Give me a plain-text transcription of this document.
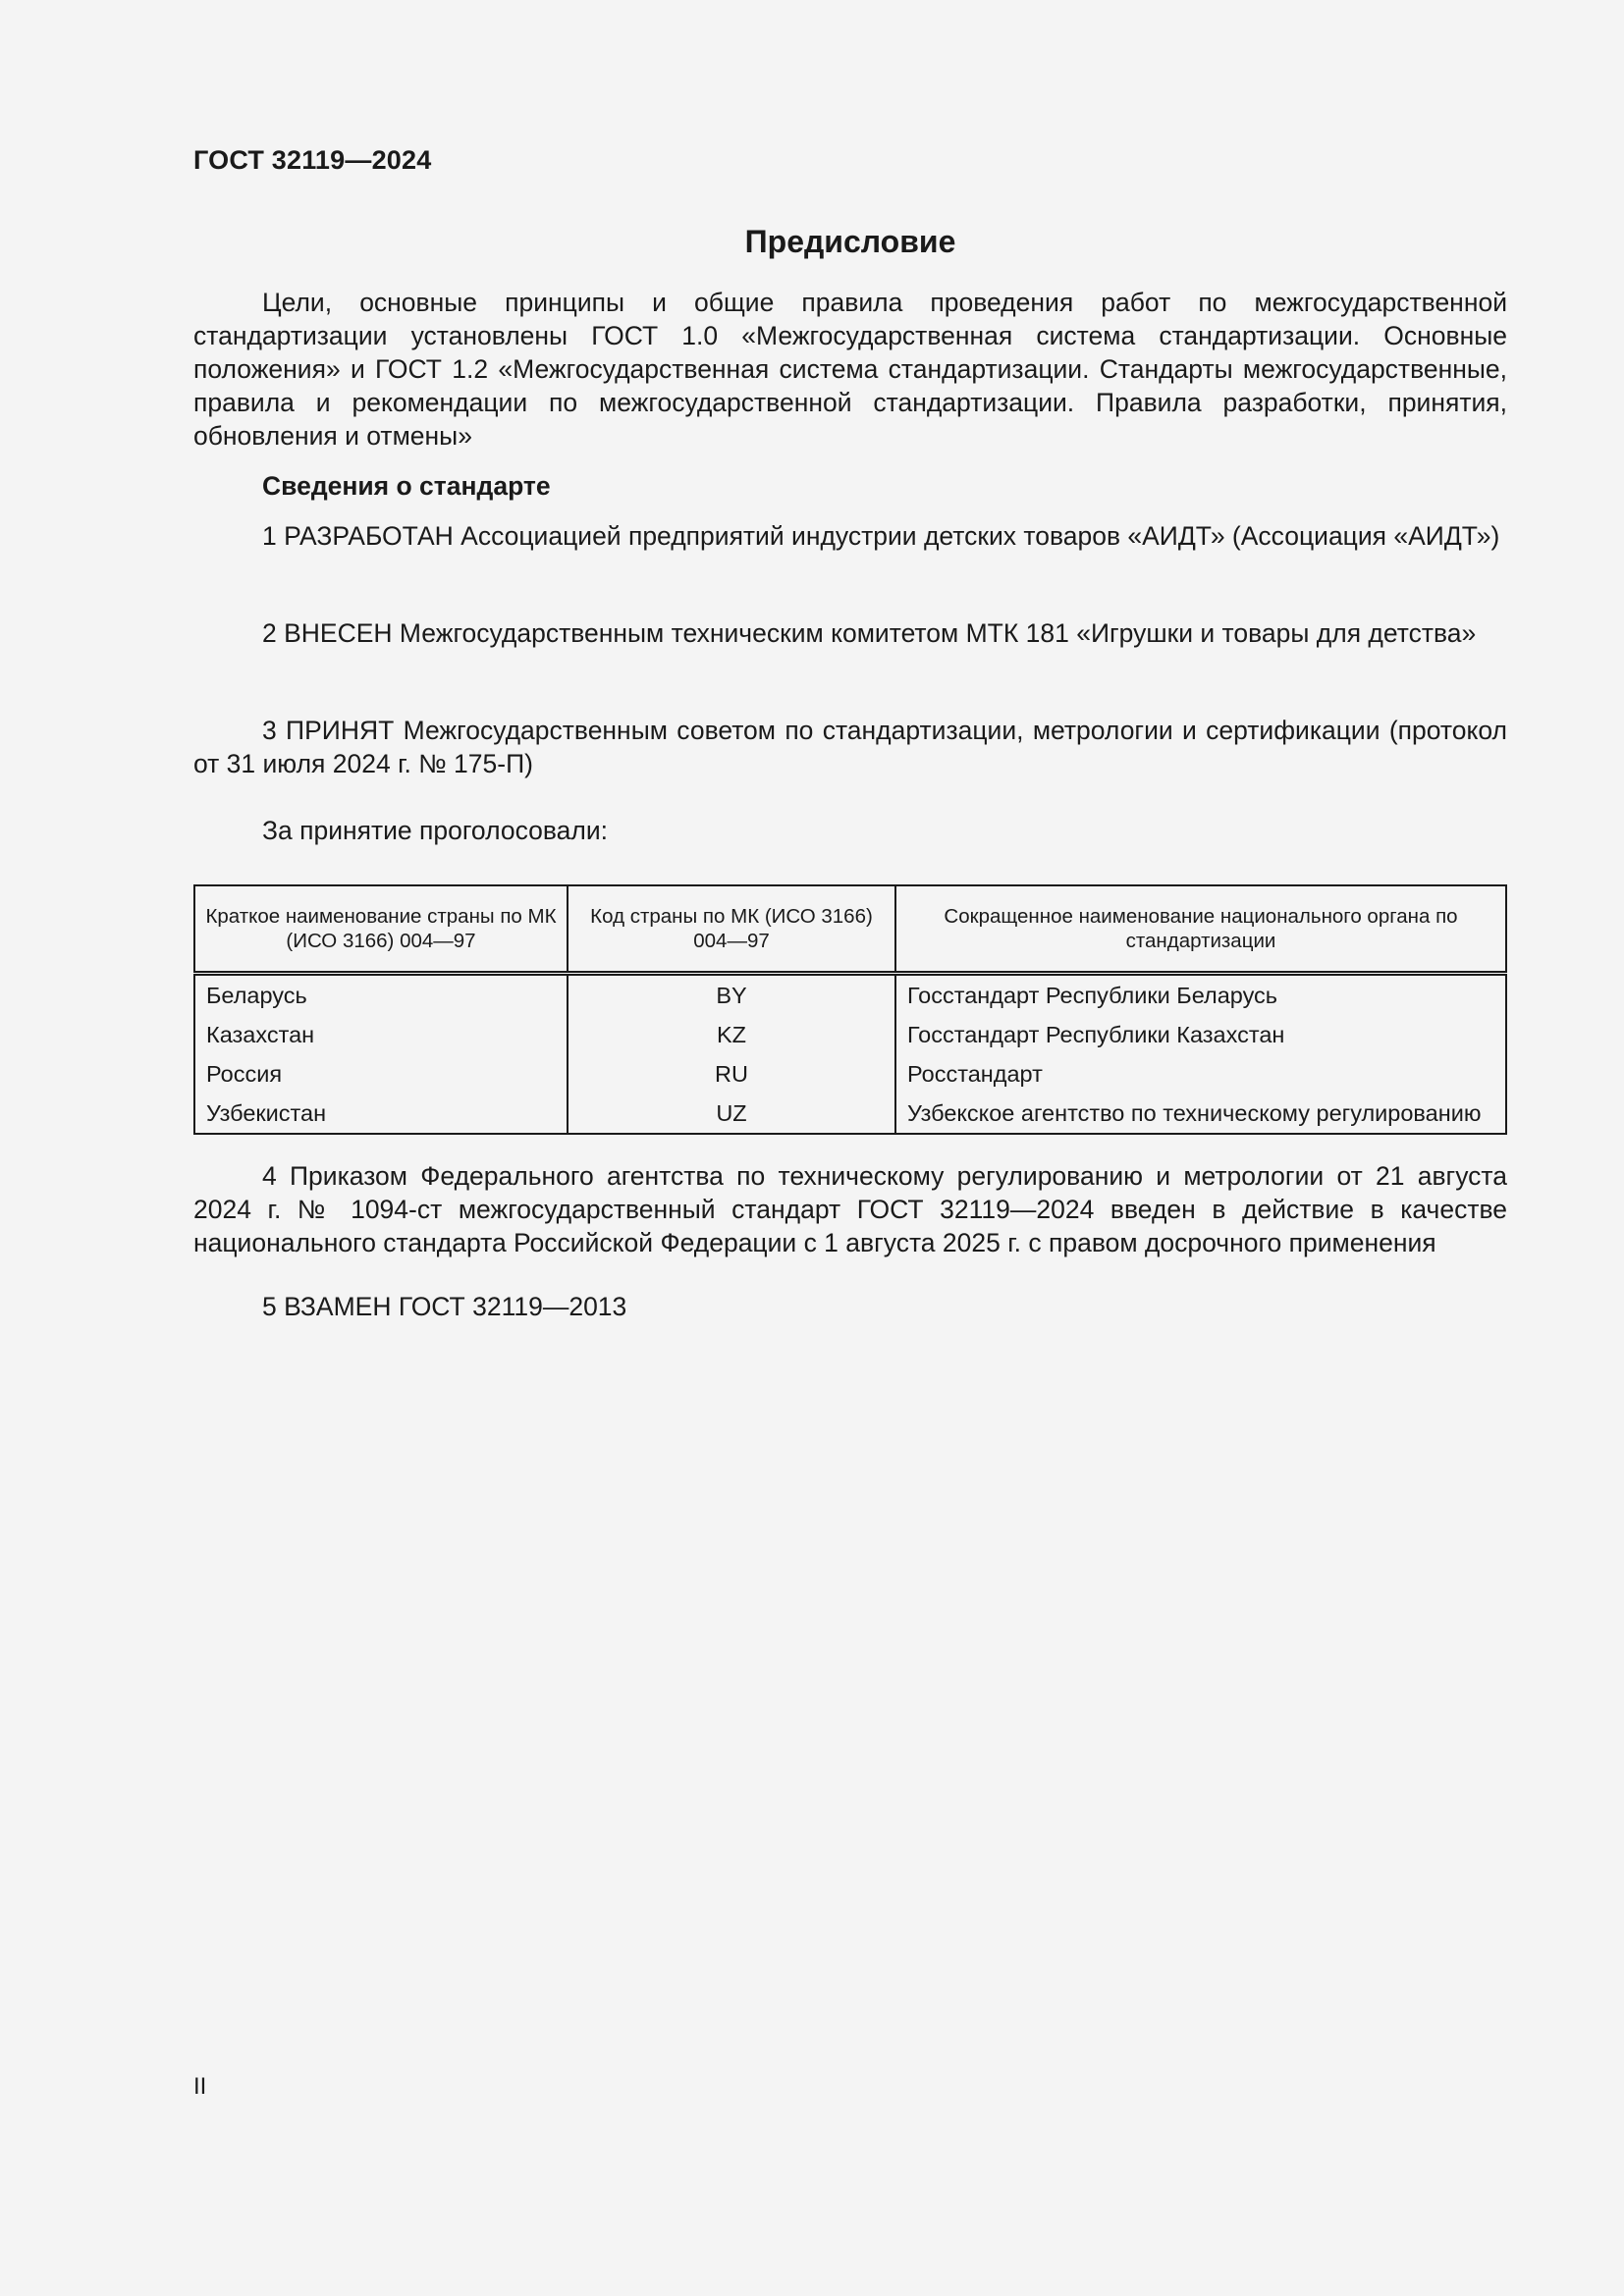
ГОСТ 32119—2024
Предисловие

Цели, основные принципы и общие правила проведения работ по межгосударственной стандартизации установлены ГОСТ 1.0 «Межгосударственная система стандартизации. Основные положения» и ГОСТ 1.2 «Межгосударственная система стандартизации. Стандарты межгосударственные, правила и рекомендации по межгосударственной стандартизации. Правила разработки, принятия, обновления и отмены»

Сведения о стандарте

1 РАЗРАБОТАН Ассоциацией предприятий индустрии детских товаров «АИДТ» (Ассоциация «АИДТ»)

2 ВНЕСЕН Межгосударственным техническим комитетом МТК 181 «Игрушки и товары для детства»

3 ПРИНЯТ Межгосударственным советом по стандартизации, метрологии и сертификации (протокол от 31 июля 2024 г. № 175-П)

За принятие проголосовали:

Краткое наименование страны по МК (ИСО 3166) 004—97	Код страны по МК (ИСО 3166) 004—97	Сокращенное наименование национального органа по стандартизации
Беларусь	BY	Госстандарт Республики Беларусь
Казахстан	KZ	Госстандарт Республики Казахстан
Россия	RU	Росстандарт
Узбекистан	UZ	Узбекское агентство по техническому регулированию

4 Приказом Федерального агентства по техническому регулированию и метрологии от 21 августа 2024 г. № 1094-ст межгосударственный стандарт ГОСТ 32119—2024 введен в действие в качестве национального стандарта Российской Федерации с 1 августа 2025 г. с правом досрочного применения

5 ВЗАМЕН ГОСТ 32119—2013

II
